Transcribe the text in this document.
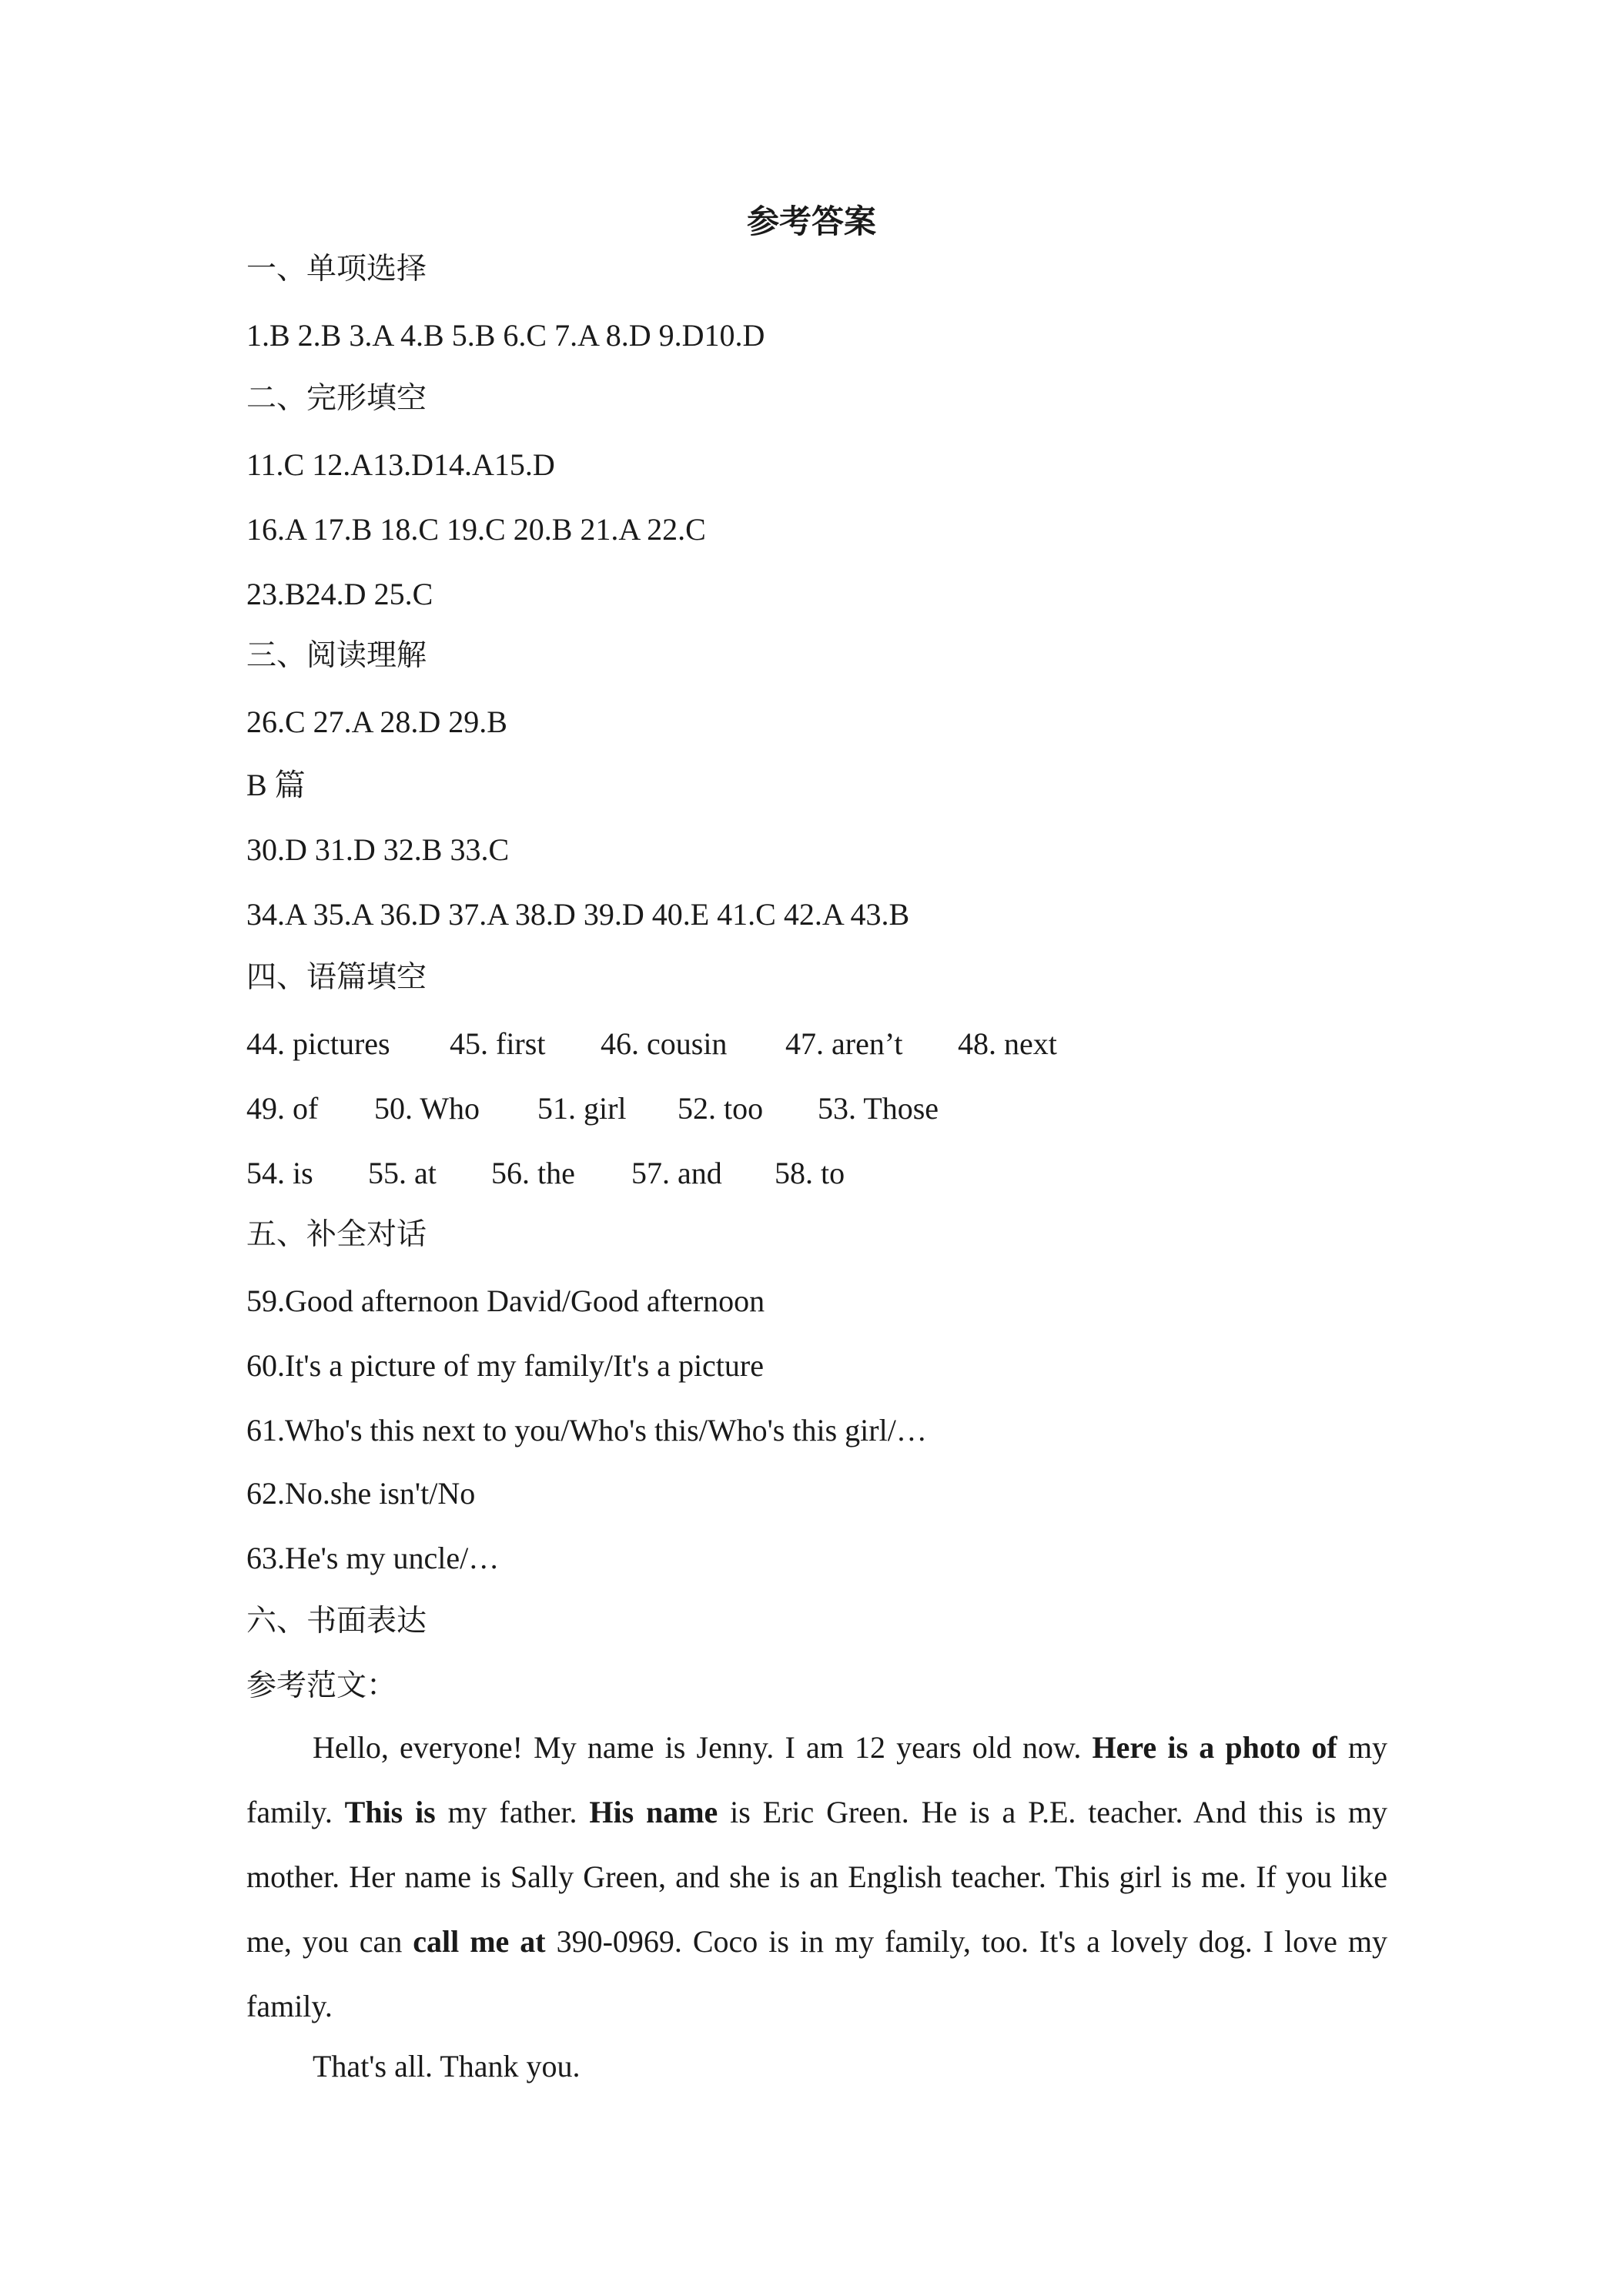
参考答案
一、单项选择
1.B 2.B 3.A 4.B 5.B 6.C 7.A 8.D 9.D10.D
二、完形填空
11.C 12.A13.D14.A15.D
16.A 17.B 18.C 19.C 20.B 21.A 22.C
23.B24.D 25.C
三、阅读理解
26.C 27.A 28.D 29.B
B 篇
30.D 31.D 32.B 33.C
34.A 35.A 36.D 37.A 38.D 39.D 40.E 41.C 42.A 43.B
四、语篇填空
44. pictures 45. first 46. cousin 47. aren’t 48. next
49. of 50. Who 51. girl 52. too 53. Those
54. is 55. at 56. the 57. and 58. to
五、补全对话
59.Good afternoon David/Good afternoon
60.It's a picture of my family/It's a picture
61.Who's this next to you/Who's this/Who's this girl/…
62.No.she isn't/No
63.He's my uncle/…
六、书面表达
参考范文：
Hello, everyone! My name is Jenny. I am 12 years old now. Here is a photo of my family. This is my father. His name is Eric Green. He is a P.E. teacher. And this is my mother. Her name is Sally Green, and she is an English teacher. This girl is me. If you like me, you can call me at 390-0969. Coco is in my family, too. It's a lovely dog. I love my family.
That's all. Thank you.
